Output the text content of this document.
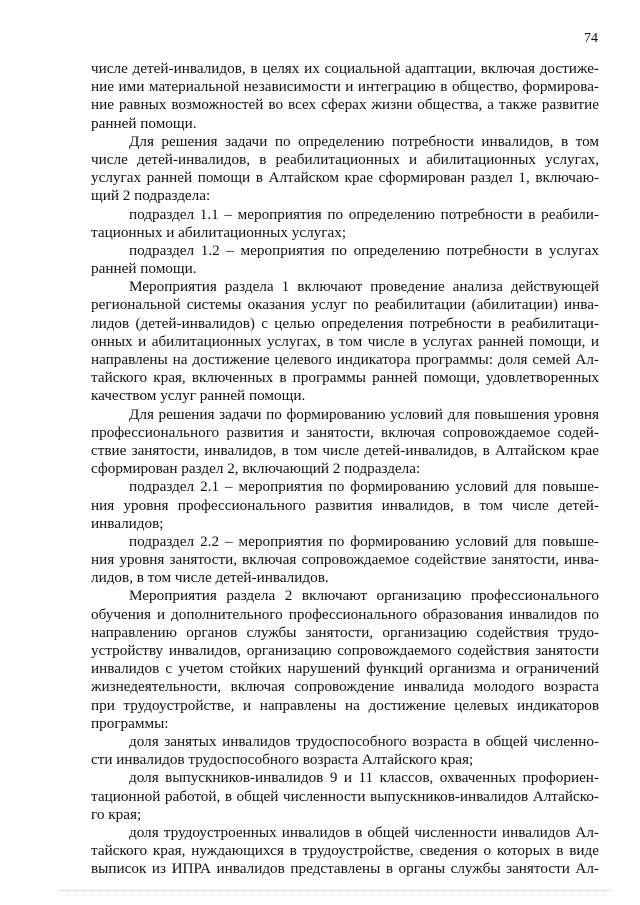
74
числе детей-инвалидов, в целях их социальной адаптации, включая достиже-
ние ими материальной независимости и интеграцию в общество, формирова-
ние равных возможностей во всех сферах жизни общества, а также развитие
ранней помощи.
Для решения задачи по определению потребности инвалидов, в том
числе детей-инвалидов, в реабилитационных и абилитационных услугах,
услугах ранней помощи в Алтайском крае сформирован раздел 1, включаю-
щий 2 подраздела:
подраздел 1.1 – мероприятия по определению потребности в реабили-
тационных и абилитационных услугах;
подраздел 1.2 – мероприятия по определению потребности в услугах
ранней помощи.
Мероприятия раздела 1 включают проведение анализа действующей
региональной системы оказания услуг по реабилитации (абилитации) инва-
лидов (детей-инвалидов) с целью определения потребности в реабилитаци-
онных и абилитационных услугах, в том числе в услугах ранней помощи, и
направлены на достижение целевого индикатора программы: доля семей Ал-
тайского края, включенных в программы ранней помощи, удовлетворенных
качеством услуг ранней помощи.
Для решения задачи по формированию условий для повышения уровня
профессионального развития и занятости, включая сопровождаемое содей-
ствие занятости, инвалидов, в том числе детей-инвалидов, в Алтайском крае
сформирован раздел 2, включающий 2 подраздела:
подраздел 2.1 – мероприятия по формированию условий для повыше-
ния уровня профессионального развития инвалидов, в том числе детей-
инвалидов;
подраздел 2.2 – мероприятия по формированию условий для повыше-
ния уровня занятости, включая сопровождаемое содействие занятости, инва-
лидов, в том числе детей-инвалидов.
Мероприятия раздела 2 включают организацию профессионального
обучения и дополнительного профессионального образования инвалидов по
направлению органов службы занятости, организацию содействия трудо-
устройству инвалидов, организацию сопровождаемого содействия занятости
инвалидов с учетом стойких нарушений функций организма и ограничений
жизнедеятельности, включая сопровождение инвалида молодого возраста
при трудоустройстве, и направлены на достижение целевых индикаторов
программы:
доля занятых инвалидов трудоспособного возраста в общей численно-
сти инвалидов трудоспособного возраста Алтайского края;
доля выпускников-инвалидов 9 и 11 классов, охваченных профориен-
тационной работой, в общей численности выпускников-инвалидов Алтайско-
го края;
доля трудоустроенных инвалидов в общей численности инвалидов Ал-
тайского края, нуждающихся в трудоустройстве, сведения о которых в виде
выписок из ИПРА инвалидов представлены в органы службы занятости Ал-
